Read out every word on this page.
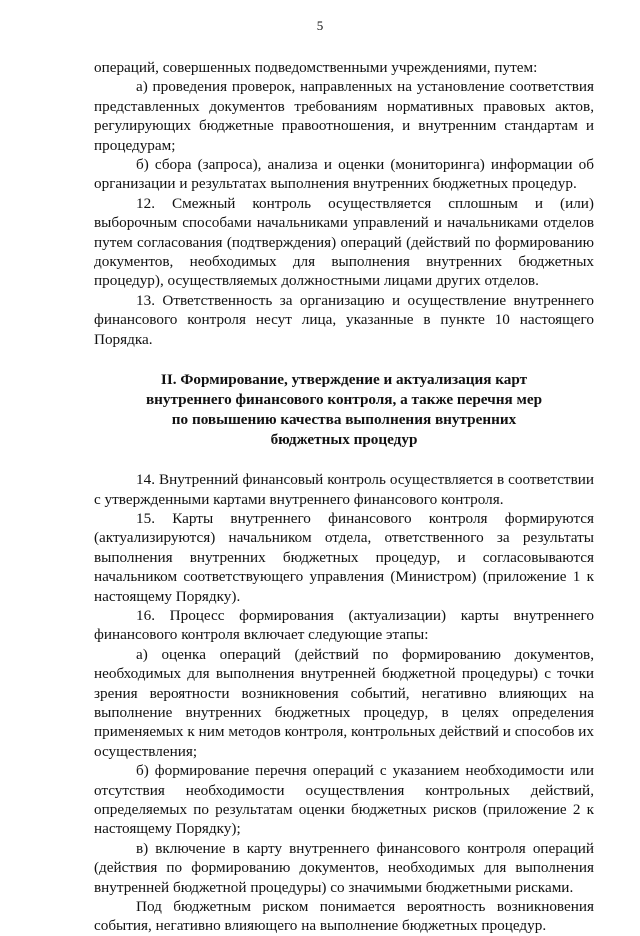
5

операций, совершенных подведомственными учреждениями, путем:

а) проведения проверок, направленных на установление соответствия представленных документов требованиям нормативных правовых актов, регулирующих бюджетные правоотношения, и внутренним стандартам и процедурам;

б) сбора (запроса), анализа и оценки (мониторинга) информации об организации и результатах выполнения внутренних бюджетных процедур.

12. Смежный контроль осуществляется сплошным и (или) выборочным способами начальниками управлений и начальниками отделов путем согласования (подтверждения) операций (действий по формированию документов, необходимых для выполнения внутренних бюджетных процедур), осуществляемых должностными лицами других отделов.

13. Ответственность за организацию и осуществление внутреннего финансового контроля несут лица, указанные в пункте 10 настоящего Порядка.

II. Формирование, утверждение и актуализация карт
внутреннего финансового контроля, а также перечня мер
по повышению качества выполнения внутренних
бюджетных процедур

14. Внутренний финансовый контроль осуществляется в соответствии с утвержденными картами внутреннего финансового контроля.

15. Карты внутреннего финансового контроля формируются (актуализируются) начальником отдела, ответственного за результаты выполнения внутренних бюджетных процедур, и согласовываются начальником соответствующего управления (Министром) (приложение 1 к настоящему Порядку).

16. Процесс формирования (актуализации) карты внутреннего финансового контроля включает следующие этапы:

а) оценка операций (действий по формированию документов, необходимых для выполнения внутренней бюджетной процедуры) с точки зрения вероятности возникновения событий, негативно влияющих на выполнение внутренних бюджетных процедур, в целях определения применяемых к ним методов контроля, контрольных действий и способов их осуществления;

б) формирование перечня операций с указанием необходимости или отсутствия необходимости осуществления контрольных действий, определяемых по результатам оценки бюджетных рисков (приложение 2 к настоящему Порядку);

в) включение в карту внутреннего финансового контроля операций (действия по формированию документов, необходимых для выполнения внутренней бюджетной процедуры) со значимыми бюджетными рисками.

Под бюджетным риском понимается вероятность возникновения события, негативно влияющего на выполнение бюджетных процедур.
